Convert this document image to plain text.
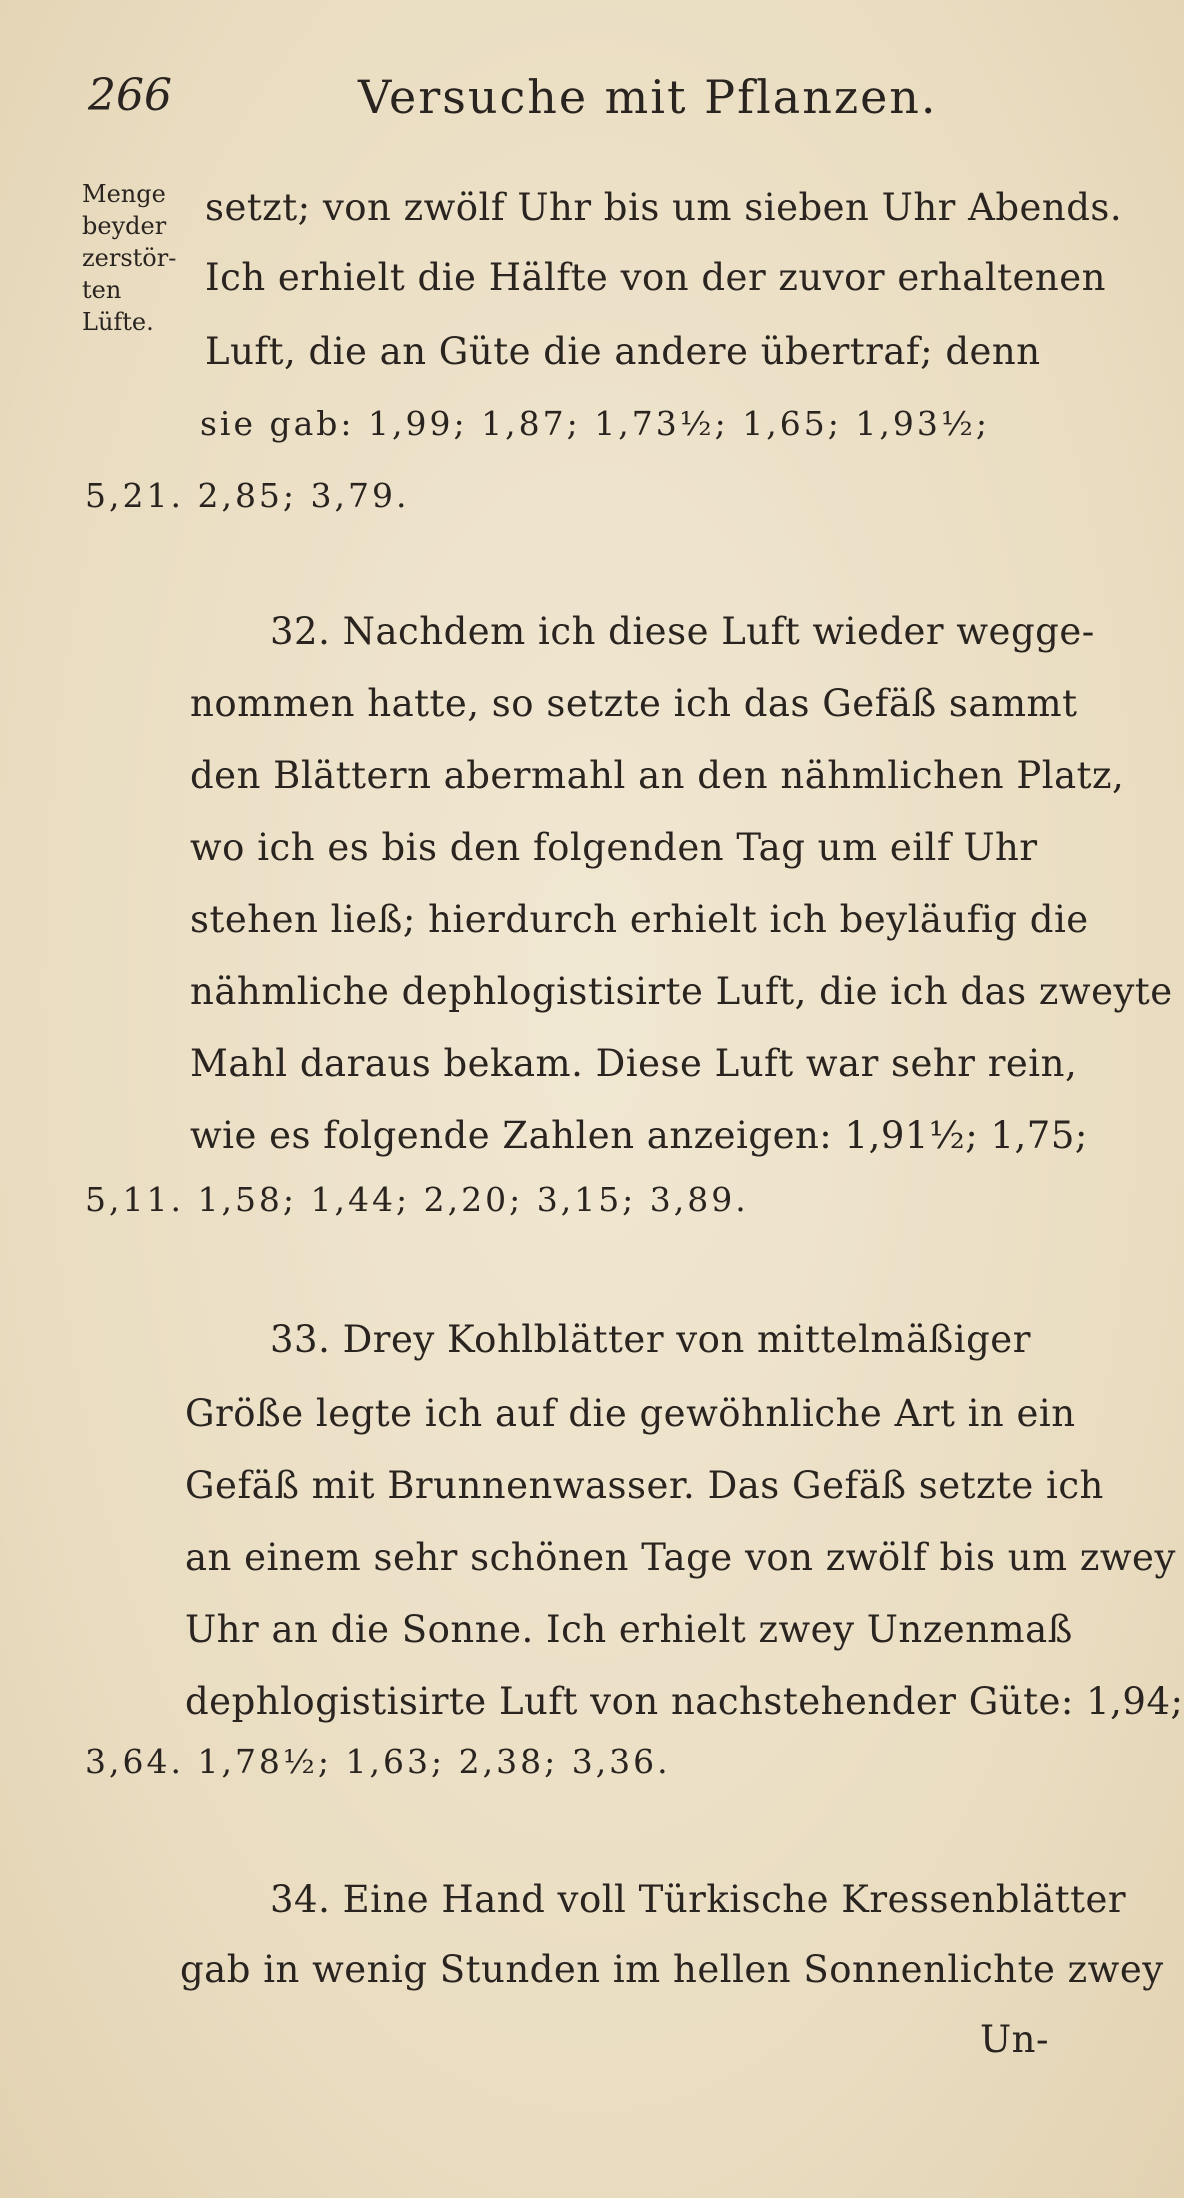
266	Versuche mit Pflanzen.
Menge
beyder
zerstör-
ten
Lüfte.
setzt; von zwölf Uhr bis um sieben Uhr Abends.
Ich erhielt die Hälfte von der zuvor erhaltenen
Luft, die an Güte die andere übertraf; denn
sie gab: 1,99; 1,87; 1,73½; 1,65; 1,93½;
5,21. 2,85; 3,79.
32. Nachdem ich diese Luft wieder wegge-
nommen hatte, so setzte ich das Gefäß sammt
den Blättern abermahl an den nähmlichen Platz,
wo ich es bis den folgenden Tag um eilf Uhr
stehen ließ; hierdurch erhielt ich beyläufig die
nähmliche dephlogistisirte Luft, die ich das zweyte
Mahl daraus bekam. Diese Luft war sehr rein,
wie es folgende Zahlen anzeigen: 1,91½; 1,75;
5,11. 1,58; 1,44; 2,20; 3,15; 3,89.
33. Drey Kohlblätter von mittelmäßiger
Größe legte ich auf die gewöhnliche Art in ein
Gefäß mit Brunnenwasser. Das Gefäß setzte ich
an einem sehr schönen Tage von zwölf bis um zwey
Uhr an die Sonne. Ich erhielt zwey Unzenmaß
dephlogistisirte Luft von nachstehender Güte: 1,94;
3,64. 1,78½; 1,63; 2,38; 3,36.
34. Eine Hand voll Türkische Kressenblätter
gab in wenig Stunden im hellen Sonnenlichte zwey
Un-
